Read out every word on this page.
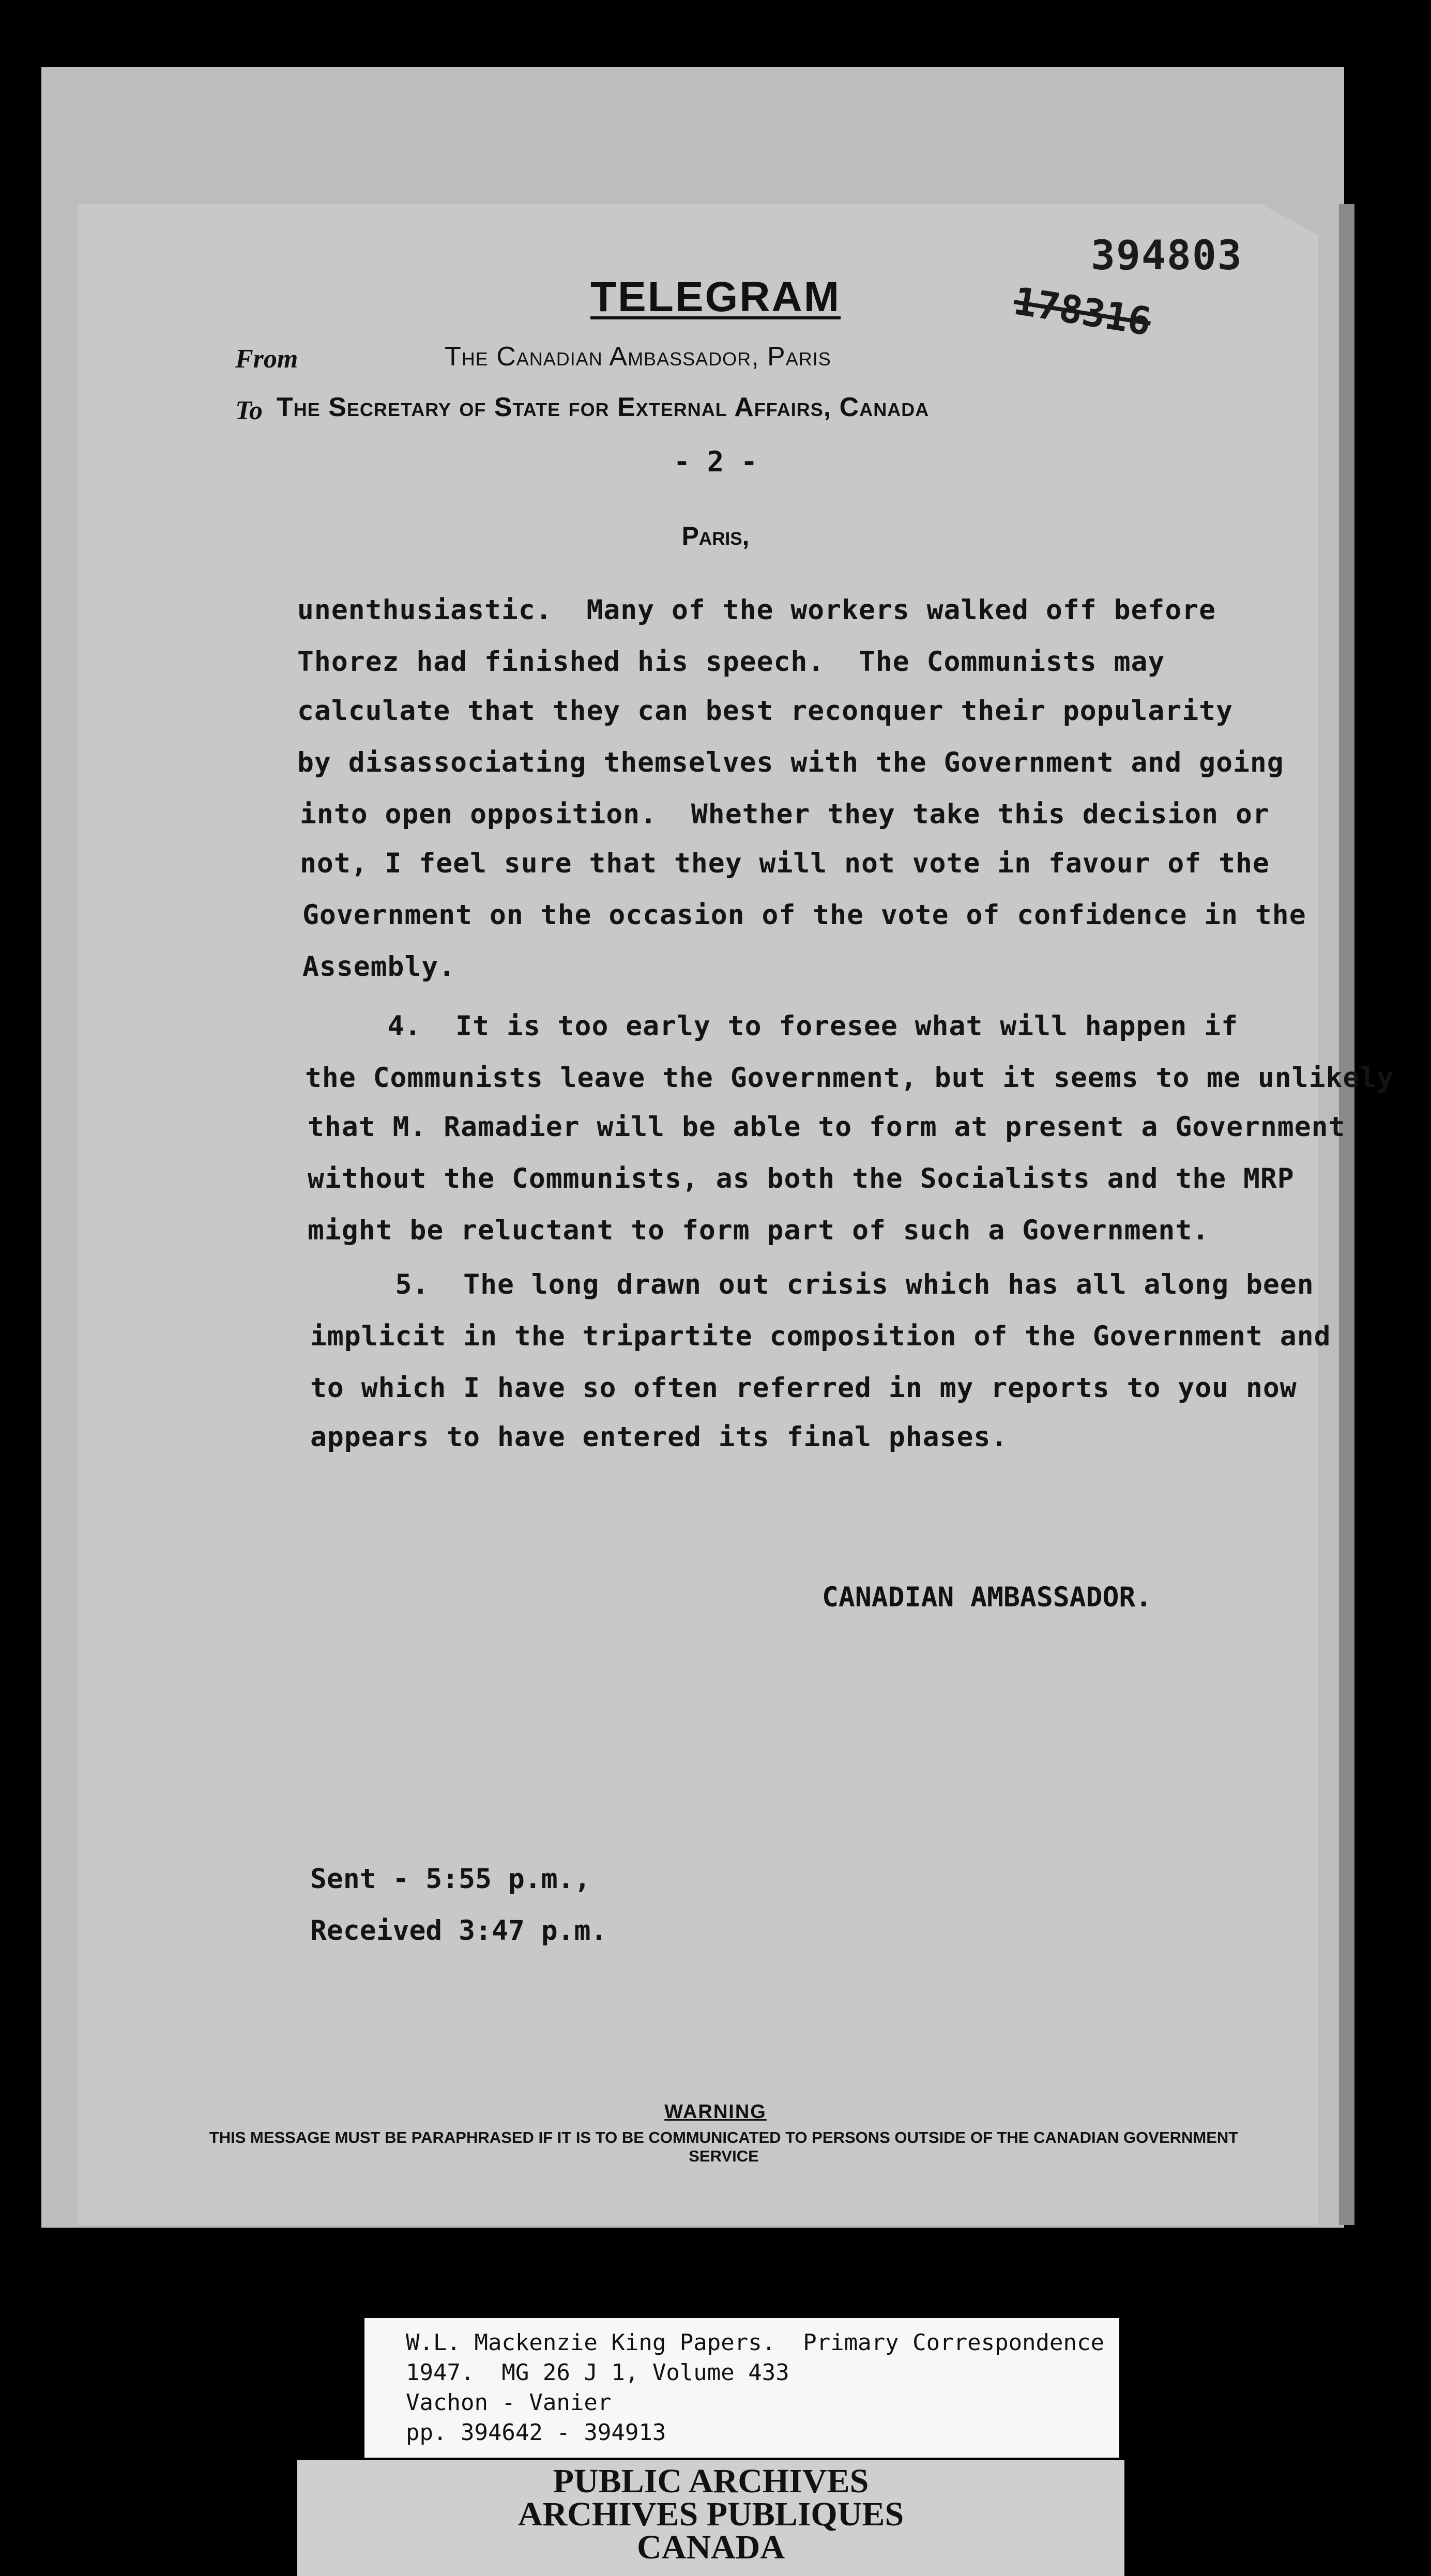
394803
178316
TELEGRAM
From	The Canadian Ambassador, Paris
To The Secretary of State for External Affairs, Canada
- 2 -
Paris,
unenthusiastic.  Many of the workers walked off before
Thorez had finished his speech.  The Communists may
calculate that they can best reconquer their popularity
by disassociating themselves with the Government and going
into open opposition.  Whether they take this decision or
not, I feel sure that they will not vote in favour of the
Government on the occasion of the vote of confidence in the
Assembly.
4.  It is too early to foresee what will happen if
the Communists leave the Government, but it seems to me unlikely
that M. Ramadier will be able to form at present a Government
without the Communists, as both the Socialists and the MRP
might be reluctant to form part of such a Government.
5.  The long drawn out crisis which has all along been
implicit in the tripartite composition of the Government and
to which I have so often referred in my reports to you now
appears to have entered its final phases.
CANADIAN AMBASSADOR.
Sent - 5:55 p.m.,
Received 3:47 p.m.
WARNING
THIS MESSAGE MUST BE PARAPHRASED IF IT IS TO BE COMMUNICATED TO PERSONS OUTSIDE OF THE CANADIAN GOVERNMENT SERVICE
W.L. Mackenzie King Papers.  Primary Correspondence
1947.  MG 26 J 1, Volume 433
Vachon - Vanier
pp. 394642 - 394913
PUBLIC ARCHIVES
ARCHIVES PUBLIQUES
CANADA
